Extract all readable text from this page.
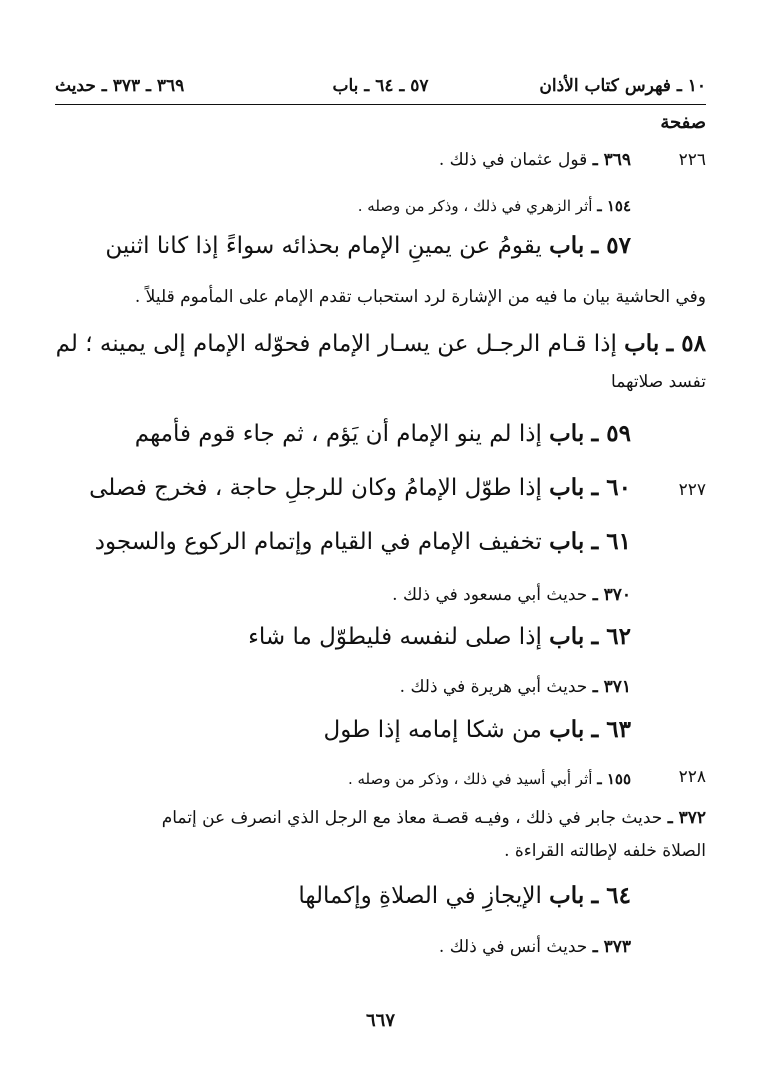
١٠ ـ فهرس كتاب الأذان
٥٧ ـ ٦٤ ـ باب
٣٦٩ ـ ٣٧٣ ـ حديث
صفحة
٢٢٦
٢٢٧
٢٢٨
٣٦٩ ـ قول عثمان في ذلك .
١٥٤ ـ أثر الزهري في ذلك ، وذكر من وصله .
٥٧ ـ باب يقومُ عن يمينِ الإمام بحذائه سواءً إذا كانا اثنين
وفي الحاشية بيان ما فيه من الإشارة لرد استحباب تقدم الإمام على المأموم قليلاً .
٥٨ ـ باب إذا قـام الرجـل عن يسـار الإمام فحوّله الإمام إلى يمينه ؛ لم
تفسد صلاتهما
٥٩ ـ باب إذا لم ينو الإمام أن يَؤم ، ثم جاء قوم فأمهم
٦٠ ـ باب إذا طوّل الإمامُ وكان للرجلِ حاجة ، فخرج فصلى
٦١ ـ باب تخفيف الإمام في القيام وإتمام الركوع والسجود
٣٧٠ ـ حديث أبي مسعود في ذلك .
٦٢ ـ باب إذا صلى لنفسه فليطوّل ما شاء
٣٧١ ـ حديث أبي هريرة في ذلك .
٦٣ ـ باب من شكا إمامه إذا طول
١٥٥ ـ أثر أبي أسيد في ذلك ، وذكر من وصله .
٣٧٢ ـ حديث جابر في ذلك ، وفيـه قصـة معاذ مع الرجل الذي انصرف عن إتمام
الصلاة خلفه لإطالته القراءة .
٦٤ ـ باب الإيجازِ في الصلاةِ وإكمالها
٣٧٣ ـ حديث أنس في ذلك .
٦٦٧
